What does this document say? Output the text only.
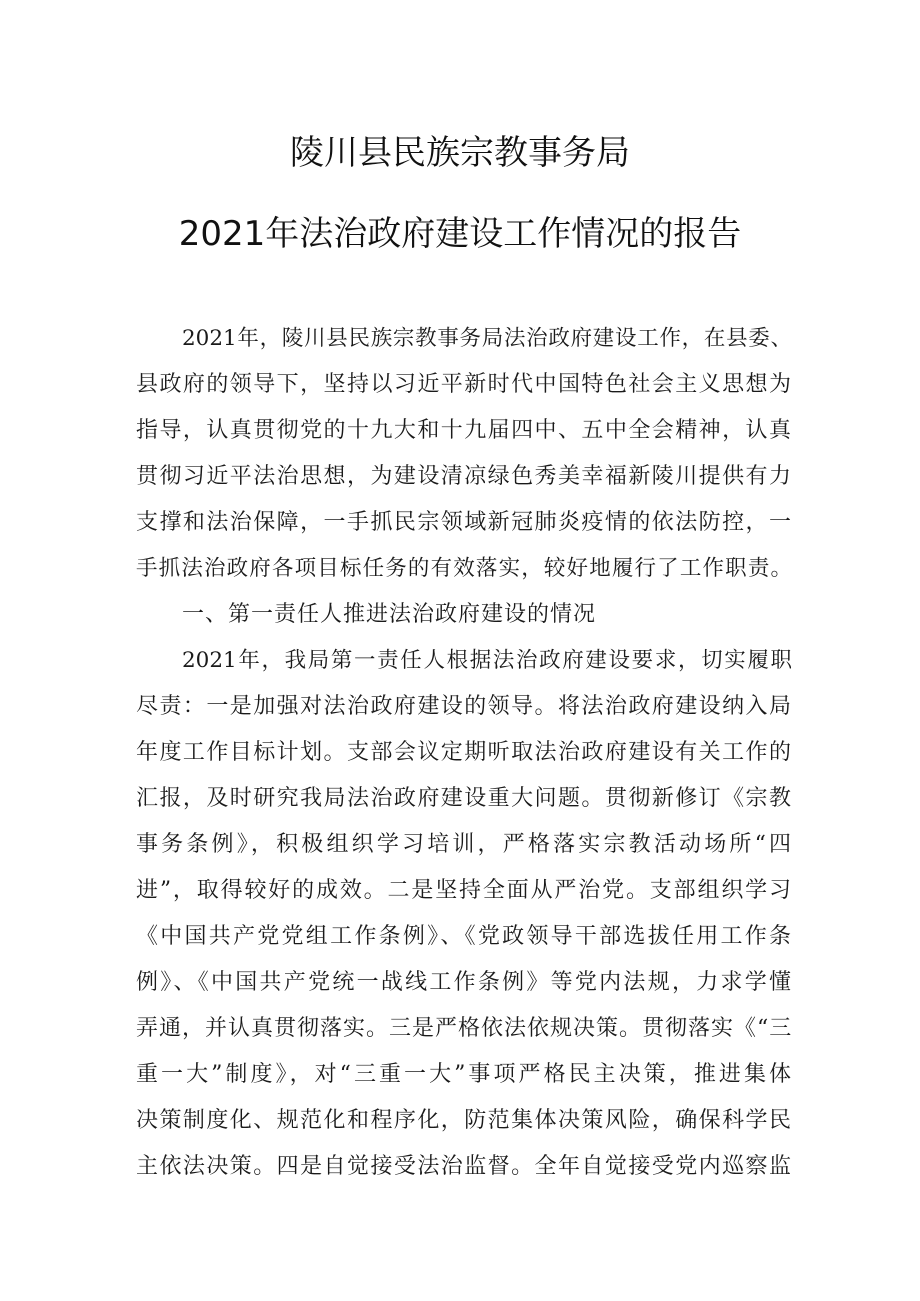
陵川县民族宗教事务局
2021年法治政府建设工作情况的报告
2021年，陵川县民族宗教事务局法治政府建设工作，在县委、
县政府的领导下，坚持以习近平新时代中国特色社会主义思想为
指导，认真贯彻党的十九大和十九届四中、五中全会精神，认真
贯彻习近平法治思想，为建设清凉绿色秀美幸福新陵川提供有力
支撑和法治保障，一手抓民宗领域新冠肺炎疫情的依法防控，一
手抓法治政府各项目标任务的有效落实，较好地履行了工作职责。
一、第一责任人推进法治政府建设的情况
2021年，我局第一责任人根据法治政府建设要求，切实履职
尽责：一是加强对法治政府建设的领导。将法治政府建设纳入局
年度工作目标计划。支部会议定期听取法治政府建设有关工作的
汇报，及时研究我局法治政府建设重大问题。贯彻新修订《宗教
事务条例》，积极组织学习培训，严格落实宗教活动场所“四
进”，取得较好的成效。二是坚持全面从严治党。支部组织学习
《中国共产党党组工作条例》、《党政领导干部选拔任用工作条
例》、《中国共产党统一战线工作条例》等党内法规，力求学懂
弄通，并认真贯彻落实。三是严格依法依规决策。贯彻落实《“三
重一大”制度》，对“三重一大”事项严格民主决策，推进集体
决策制度化、规范化和程序化，防范集体决策风险，确保科学民
主依法决策。四是自觉接受法治监督。全年自觉接受党内巡察监
